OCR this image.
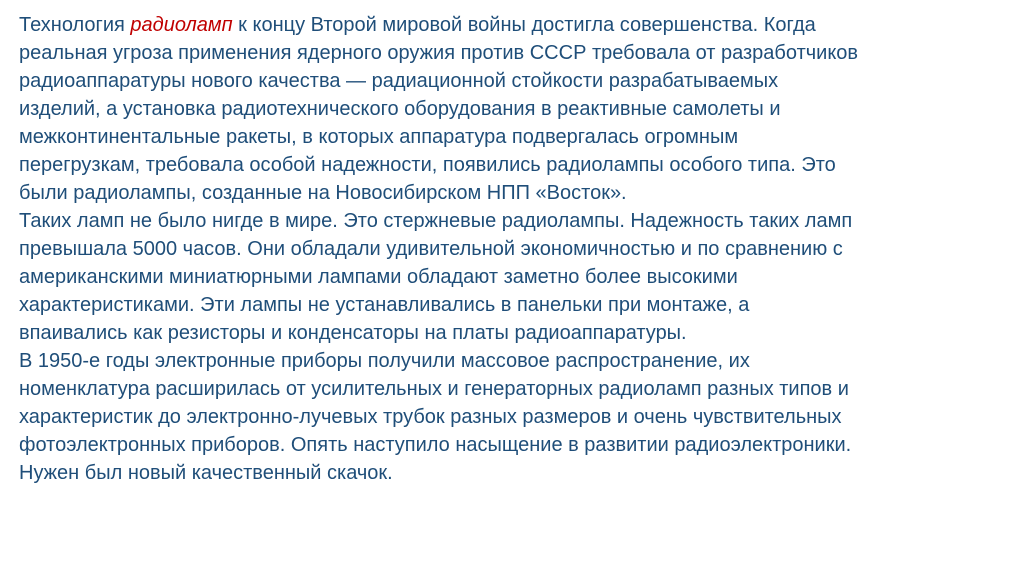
Технология радиоламп к концу Второй мировой войны достигла совершенства. Когда
реальная угроза применения ядерного оружия против СССР требовала от разработчиков
радиоаппаратуры нового качества — радиационной стойкости разрабатываемых
изделий, а установка радиотехнического оборудования в реактивные самолеты и
межконтинентальные ракеты, в которых аппаратура подвергалась огромным
перегрузкам, требовала особой надежности, появились радиолампы особого типа. Это
были радиолампы, созданные на Новосибирском НПП «Восток».

Таких ламп не было нигде в мире. Это стержневые радиолампы. Надежность таких ламп
превышала 5000 часов. Они обладали удивительной экономичностью и по сравнению с
американскими миниатюрными лампами обладают заметно более высокими
характеристиками. Эти лампы не устанавливались в панельки при монтаже, а
впаивались как резисторы и конденсаторы на платы радиоаппаратуры.

В 1950-е годы электронные приборы получили массовое распространение, их
номенклатура расширилась от усилительных и генераторных радиоламп разных типов и
характеристик до электронно-лучевых трубок разных размеров и очень чувствительных
фотоэлектронных приборов. Опять наступило насыщение в развитии радиоэлектроники.
Нужен был новый качественный скачок.
